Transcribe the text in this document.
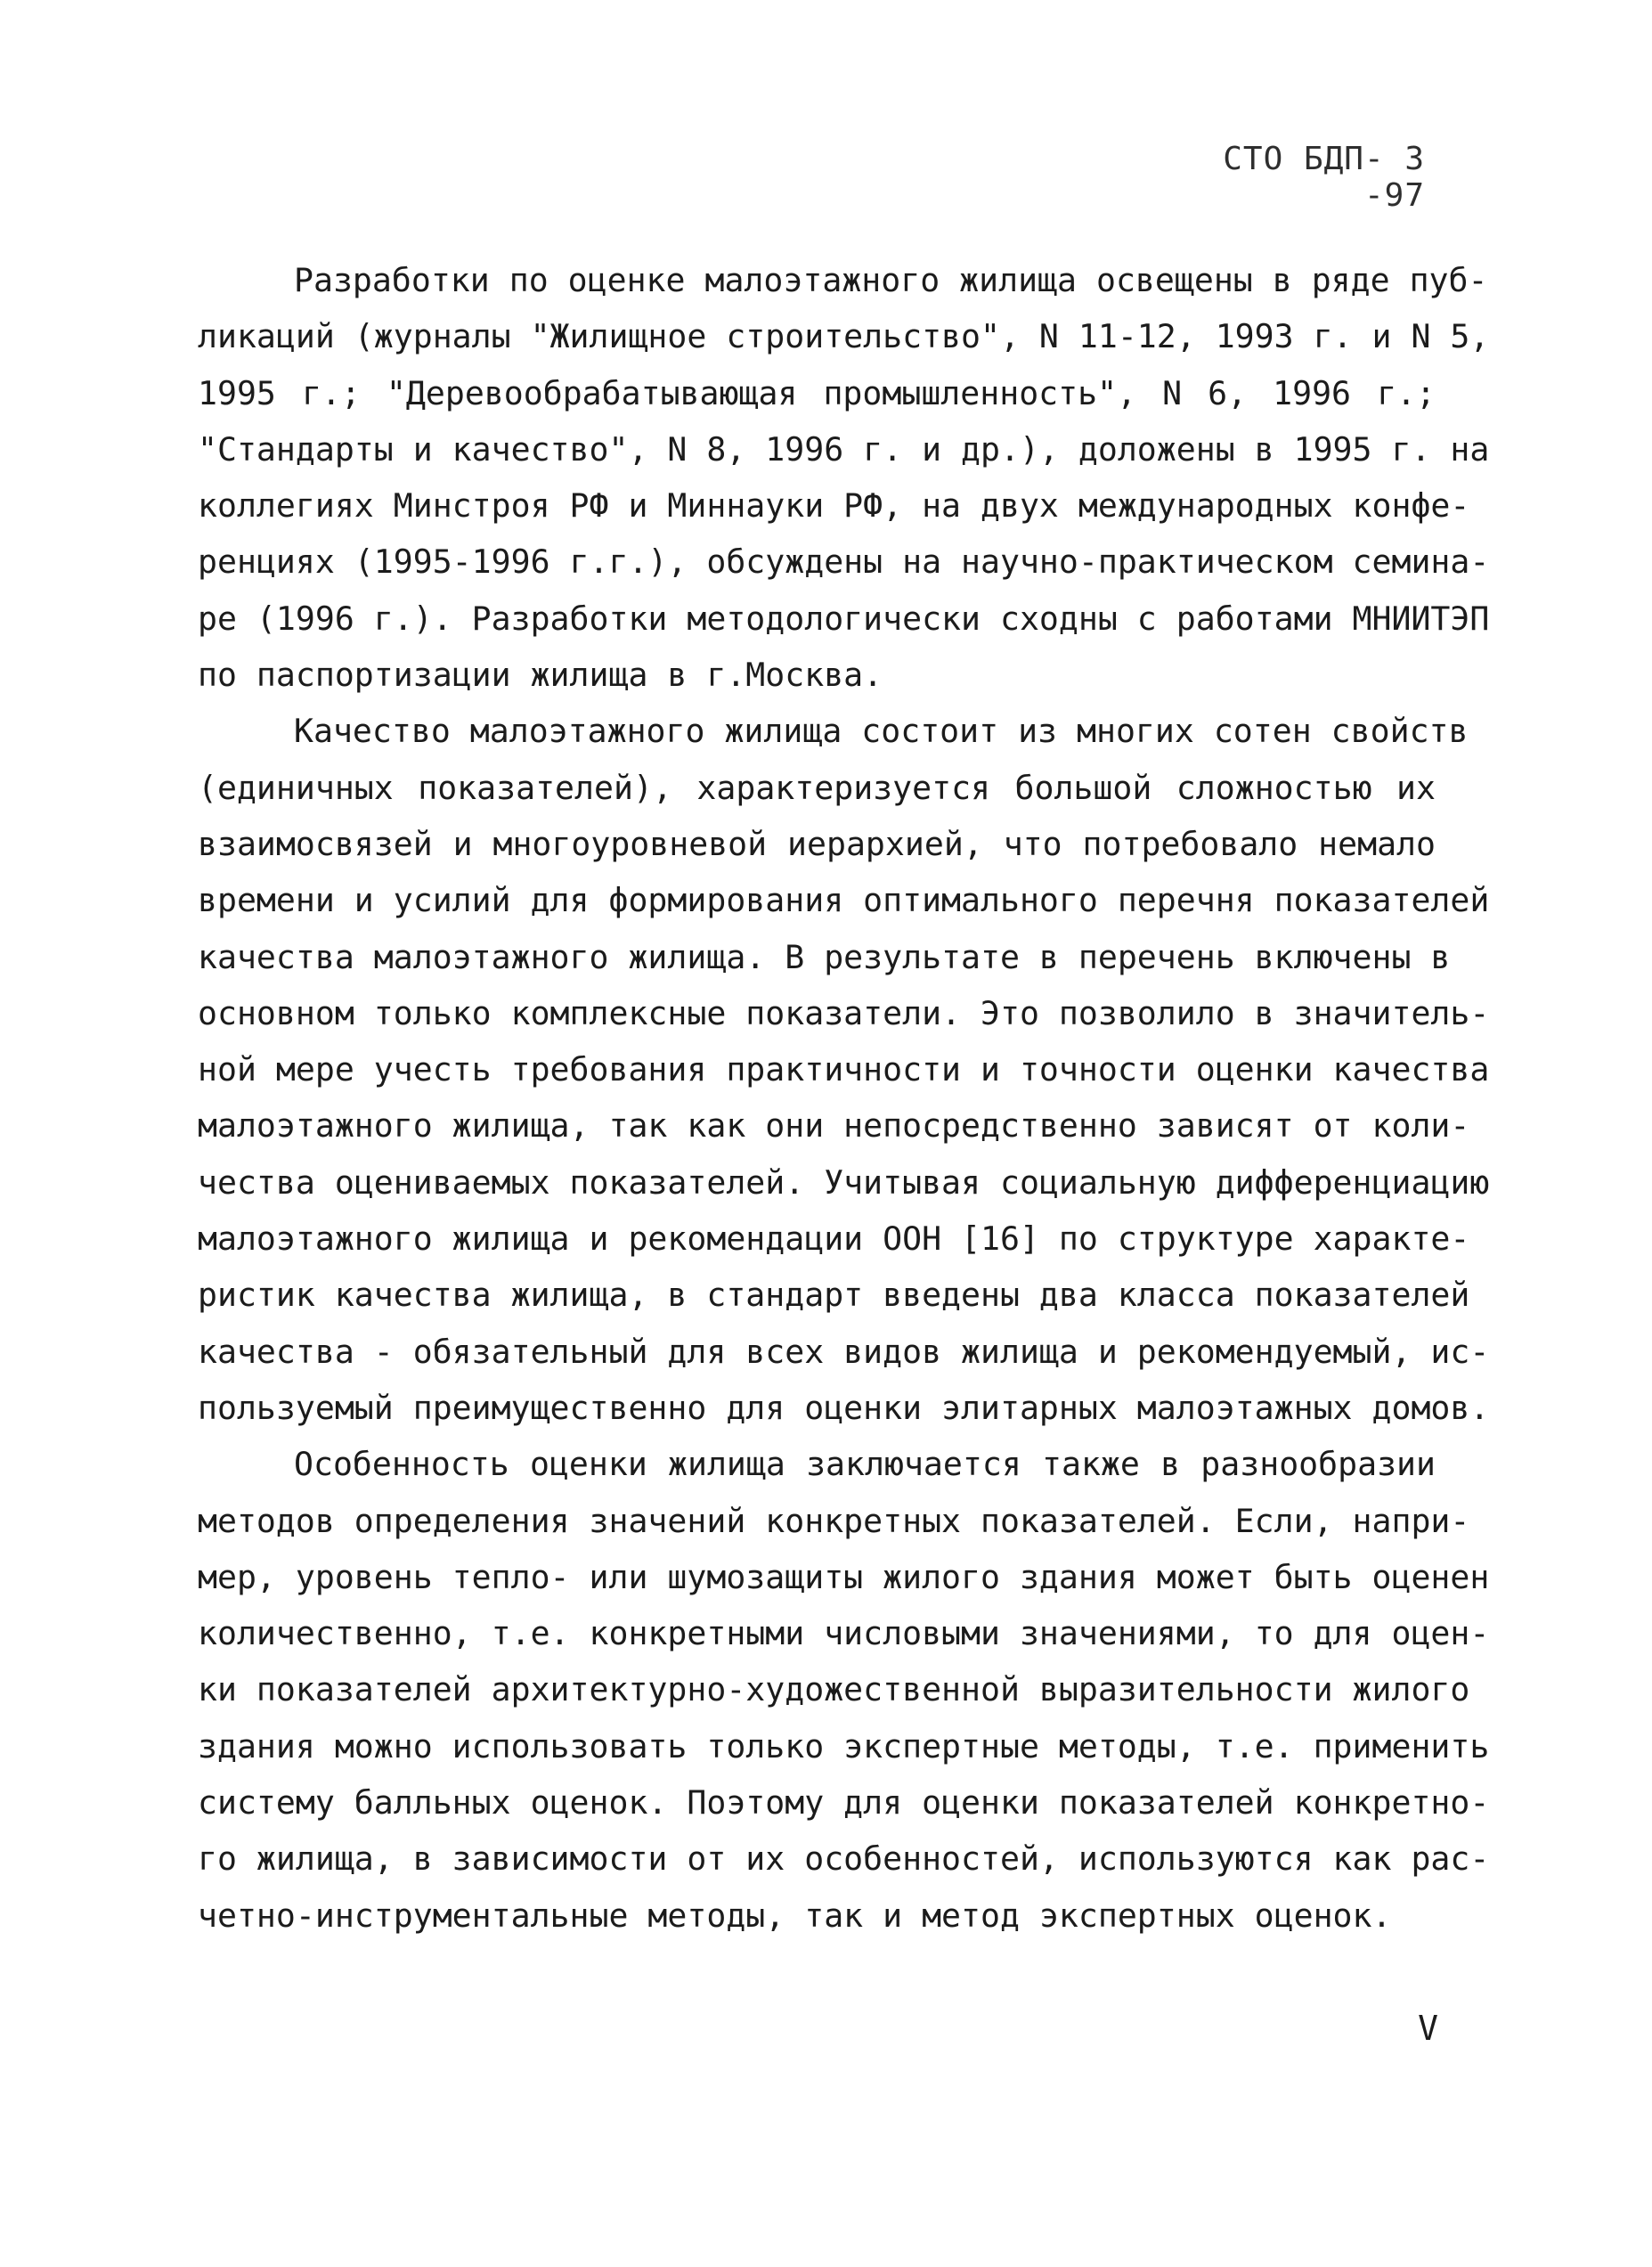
СТО БДП- 3 -97
Разработки по оценке малоэтажного жилища освещены в ряде пуб-
ликаций (журналы "Жилищное строительство", N 11-12, 1993 г. и N 5,
1995 г.; "Деревообрабатывающая промышленность", N 6, 1996 г.;
"Стандарты и качество", N 8, 1996 г. и др.), доложены в 1995 г. на
коллегиях Минстроя РФ и Миннауки РФ, на двух международных конфе-
ренциях (1995-1996 г.г.), обсуждены на научно-практическом семина-
ре (1996 г.). Разработки методологически сходны с работами МНИИТЭП
по паспортизации жилища в г.Москва.
Качество малоэтажного жилища состоит из многих сотен свойств
(единичных показателей), характеризуется большой сложностью их
взаимосвязей и многоуровневой иерархией, что потребовало немало
времени и усилий для формирования оптимального перечня показателей
качества малоэтажного жилища. В результате в перечень включены в
основном только комплексные показатели. Это позволило в значитель-
ной мере учесть требования практичности и точности оценки качества
малоэтажного жилища, так как они непосредственно зависят от коли-
чества оцениваемых показателей. Учитывая социальную дифференциацию
малоэтажного жилища и рекомендации ООН [16] по структуре характе-
ристик качества жилища, в стандарт введены два класса показателей
качества - обязательный для всех видов жилища и рекомендуемый, ис-
пользуемый преимущественно для оценки элитарных малоэтажных домов.
Особенность оценки жилища заключается также в разнообразии
методов определения значений конкретных показателей. Если, напри-
мер, уровень тепло- или шумозащиты жилого здания может быть оценен
количественно, т.е. конкретными числовыми значениями, то для оцен-
ки показателей архитектурно-художественной выразительности жилого
здания можно использовать только экспертные методы, т.е. применить
систему балльных оценок. Поэтому для оценки показателей конкретно-
го жилища, в зависимости от их особенностей, используются как рас-
четно-инструментальные методы, так и метод экспертных оценок.
V
